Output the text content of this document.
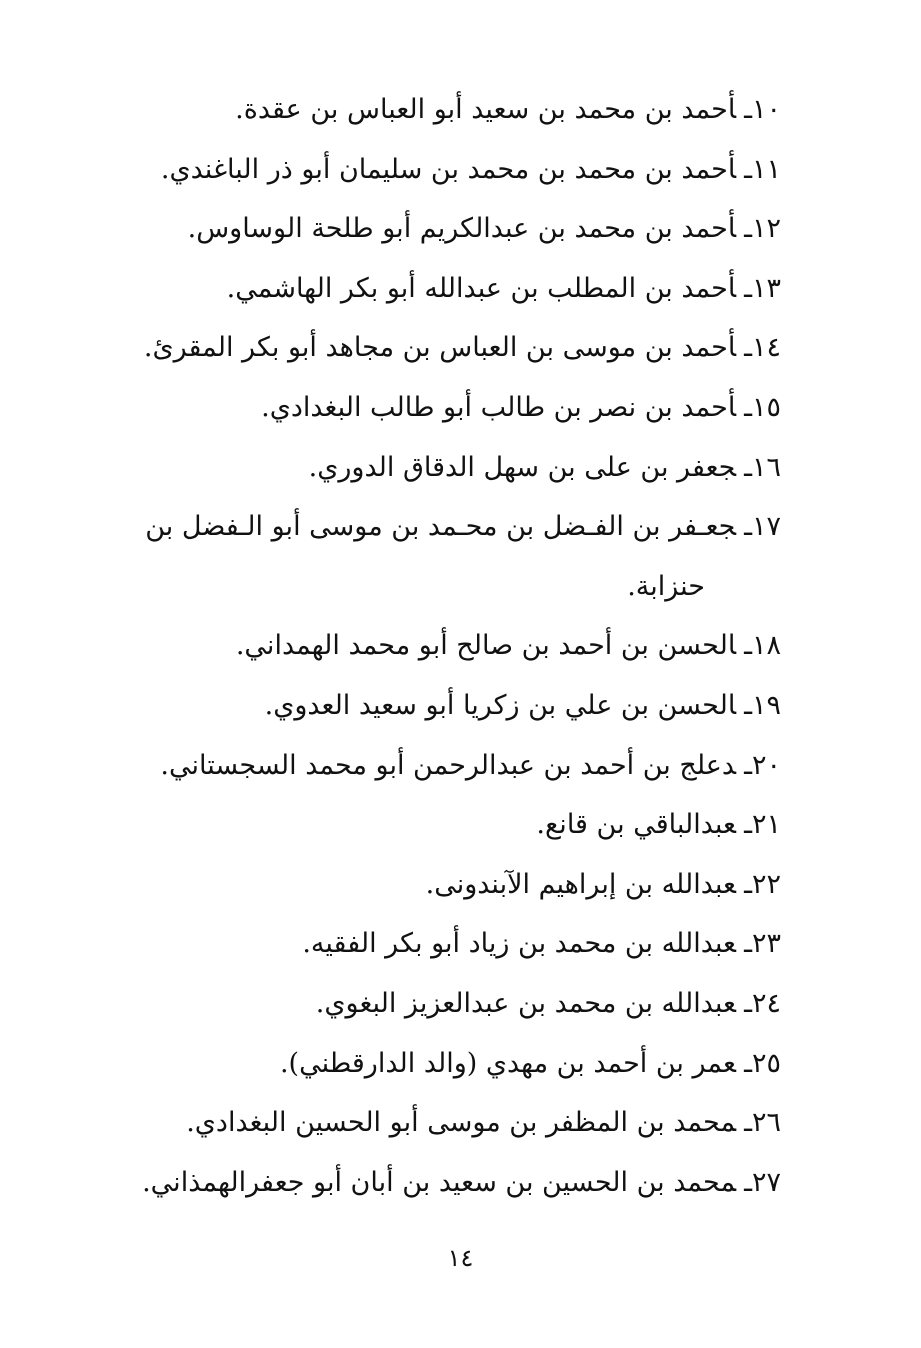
١٠ـأحمد بن محمد بن سعيد أبو العباس بن عقدة.
١١ـأحمد بن محمد بن محمد بن سليمان أبو ذر الباغندي.
١٢ـأحمد بن محمد بن عبدالكريم أبو طلحة الوساوس.
١٣ـأحمد بن المطلب بن عبدالله أبو بكر الهاشمي.
١٤ـأحمد بن موسى بن العباس بن مجاهد أبو بكر المقرئ.
١٥ـأحمد بن نصر بن طالب أبو طالب البغدادي.
١٦ـجعفر بن على بن سهل الدقاق الدوري.
١٧ـجعـفر بن الفـضل بن محـمد بن موسى أبو الـفضل بن
حنزابة.
١٨ـالحسن بن أحمد بن صالح أبو محمد الهمداني.
١٩ـالحسن بن علي بن زكريا أبو سعيد العدوي.
٢٠ـدعلج بن أحمد بن عبدالرحمن أبو محمد السجستاني.
٢١ـعبدالباقي بن قانع.
٢٢ـعبدالله بن إبراهيم الآبندونى.
٢٣ـعبدالله بن محمد بن زياد أبو بكر الفقيه.
٢٤ـعبدالله بن محمد بن عبدالعزيز البغوي.
٢٥ـعمر بن أحمد بن مهدي (والد الدارقطني).
٢٦ـمحمد بن المظفر بن موسى أبو الحسين البغدادي.
٢٧ـمحمد بن الحسين بن سعيد بن أبان أبو جعفرالهمذاني.
١٤
